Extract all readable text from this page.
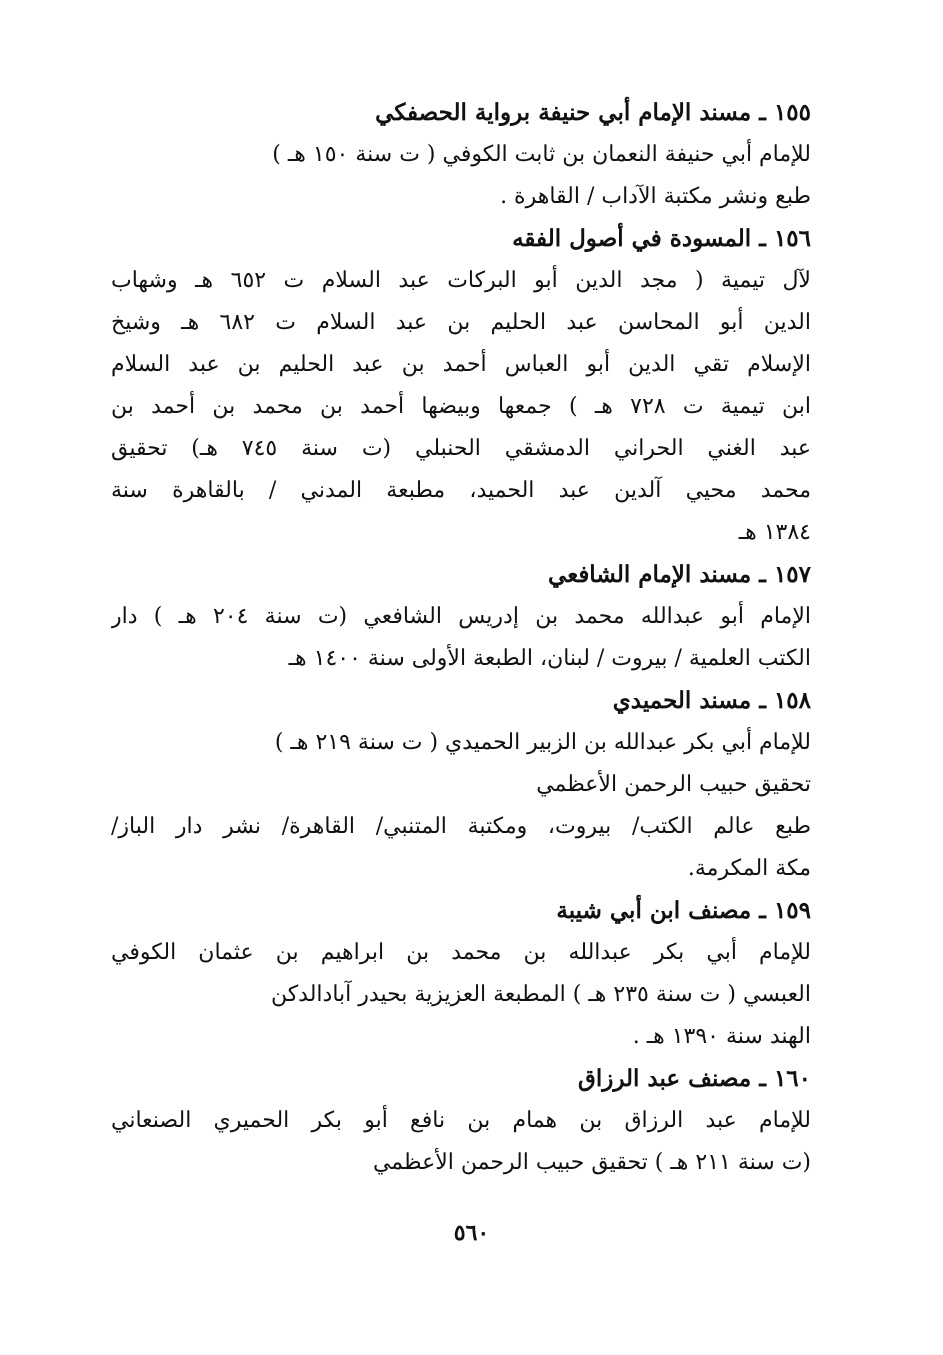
١٥٥ ـ مسند الإمام أبي حنيفة برواية الحصفكي
للإمام أبي حنيفة النعمان بن ثابت الكوفي ( ت سنة ١٥٠ هـ )
طبع ونشر مكتبة الآداب / القاهرة .
١٥٦ ـ المسودة في أصول الفقه
لآل تيمية ( مجد الدين أبو البركات عبد السلام ت ٦٥٢ هـ وشهاب
الدين أبو المحاسن عبد الحليم بن عبد السلام ت ٦٨٢ هـ وشيخ
الإسلام تقي الدين أبو العباس أحمد بن عبد الحليم بن عبد السلام
ابن تيمية ت ٧٢٨ هـ ) جمعها وبيضها أحمد بن محمد بن أحمد بن
عبد الغني الحراني الدمشقي الحنبلي (ت سنة ٧٤٥ هـ) تحقيق
محمد محيي آلدين عبد الحميد، مطبعة المدني / بالقاهرة سنة
١٣٨٤ هـ
١٥٧ ـ مسند الإمام الشافعي
الإمام أبو عبدالله محمد بن إدريس الشافعي (ت سنة ٢٠٤ هـ ) دار
الكتب العلمية / بيروت / لبنان، الطبعة الأولى سنة ١٤٠٠ هـ
١٥٨ ـ مسند الحميدي
للإمام أبي بكر عبدالله بن الزبير الحميدي ( ت سنة ٢١٩ هـ )
تحقيق حبيب الرحمن الأعظمي
طبع عالم الكتب/ بيروت، ومكتبة المتنبي/ القاهرة/ نشر دار الباز/
مكة المكرمة.
١٥٩ ـ مصنف ابن أبي شيبة
للإمام أبي بكر عبدالله بن محمد بن ابراهيم بن عثمان الكوفي
العبسي ( ت سنة ٢٣٥ هـ ) المطبعة العزيزية بحيدر آبادالدكن
الهند سنة ١٣٩٠ هـ .
١٦٠ ـ مصنف عبد الرزاق
للإمام عبد الرزاق بن همام بن نافع أبو بكر الحميري الصنعاني
(ت سنة ٢١١ هـ ) تحقيق حبيب الرحمن الأعظمي
٥٦٠
